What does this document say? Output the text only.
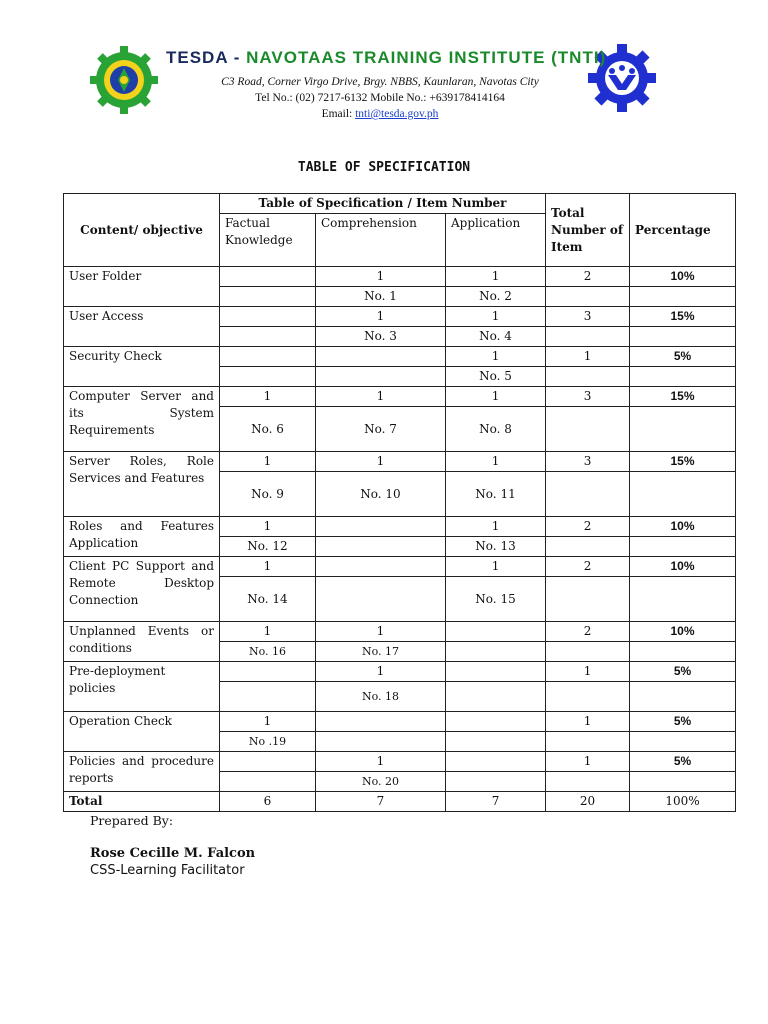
TESDA - NAVOTAAS TRAINING INSTITUTE (TNTI)
C3 Road, Corner Virgo Drive, Brgy. NBBS, Kaunlaran, Navotas City
Tel No.: (02) 7217-6132 Mobile No.: +639178414164
Email: tnti@tesda.gov.ph
TABLE OF SPECIFICATION
Content/ objective	Table of Specification / Item Number			Total Number of Item	Percentage
	Factual Knowledge	Comprehension	Application		
User Folder		1	1	2	10%
		No. 1	No. 2		
User Access		1	1	3	15%
		No. 3	No. 4		
Security Check			1	1	5%
			No. 5		
Computer Server and its System Requirements	1	1	1	3	15%
	No. 6	No. 7	No. 8		
Server Roles, Role Services and Features	1	1	1	3	15%
	No. 9	No. 10	No. 11		
Roles and Features Application	1		1	2	10%
	No. 12		No. 13		
Client PC Support and Remote Desktop Connection	1		1	2	10%
	No. 14		No. 15		
Unplanned Events or conditions	1	1		2	10%
	No. 16	No. 17			
Pre-deployment policies		1		1	5%
		No. 18			
Operation Check	1			1	5%
	No .19				
Policies and procedure reports		1		1	5%
		No. 20			
Total	6	7	7	20	100%
Prepared By:
Rose Cecille M. Falcon
CSS-Learning Facilitator
